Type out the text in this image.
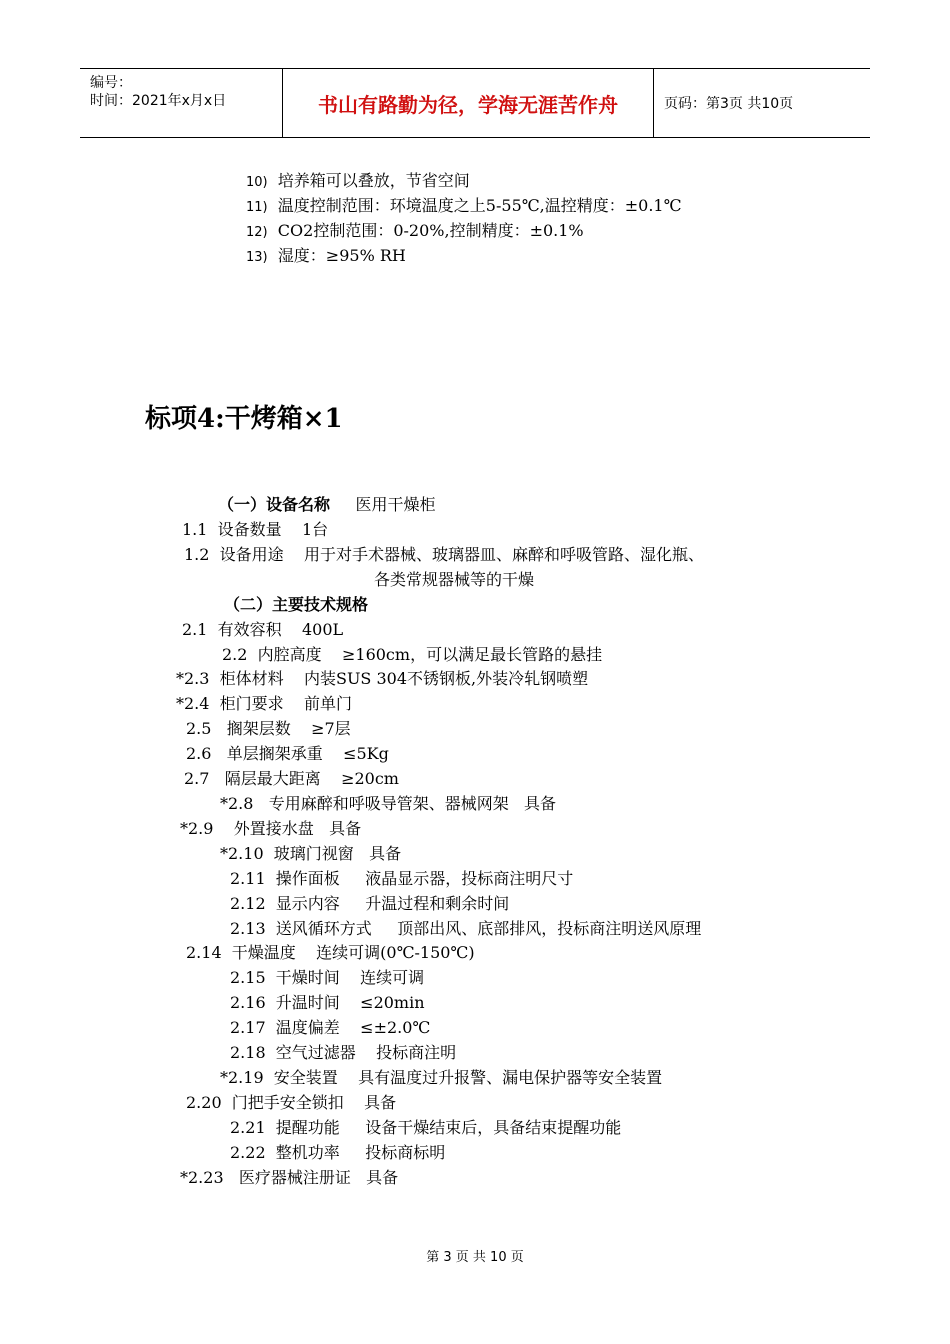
编号：
时间：2021年x月x日	书山有路勤为径，学海无涯苦作舟	页码：第3页 共10页
10) 培养箱可以叠放，节省空间
11) 温度控制范围：环境温度之上5-55℃,温控精度：±0.1℃
12) CO2控制范围：0-20%,控制精度：±0.1%
13) 湿度：≥95% RH
标项4:干烤箱×1
（一）设备名称 医用干燥柜
1.1 设备数量 1台
1.2 设备用途 用于对手术器械、玻璃器皿、麻醉和呼吸管路、湿化瓶、
各类常规器械等的干燥
（二）主要技术规格
2.1 有效容积 400L
2.2 内腔高度 ≥160cm，可以满足最长管路的悬挂
*2.3 柜体材料 内装SUS 304不锈钢板,外装冷轧钢喷塑
*2.4 柜门要求 前单门
2.5 搁架层数 ≥7层
2.6 单层搁架承重 ≤5Kg
2.7 隔层最大距离 ≥20cm
*2.8 专用麻醉和呼吸导管架、器械网架 具备
*2.9 外置接水盘 具备
*2.10 玻璃门视窗 具备
2.11 操作面板 液晶显示器，投标商注明尺寸
2.12 显示内容 升温过程和剩余时间
2.13 送风循环方式 顶部出风、底部排风，投标商注明送风原理
2.14 干燥温度 连续可调(0℃-150℃)
2.15 干燥时间 连续可调
2.16 升温时间 ≤20min
2.17 温度偏差 ≤±2.0℃
2.18 空气过滤器 投标商注明
*2.19 安全装置 具有温度过升报警、漏电保护器等安全装置
2.20 门把手安全锁扣 具备
2.21 提醒功能 设备干燥结束后，具备结束提醒功能
2.22 整机功率 投标商标明
*2.23 医疗器械注册证 具备
第 3 页 共 10 页
